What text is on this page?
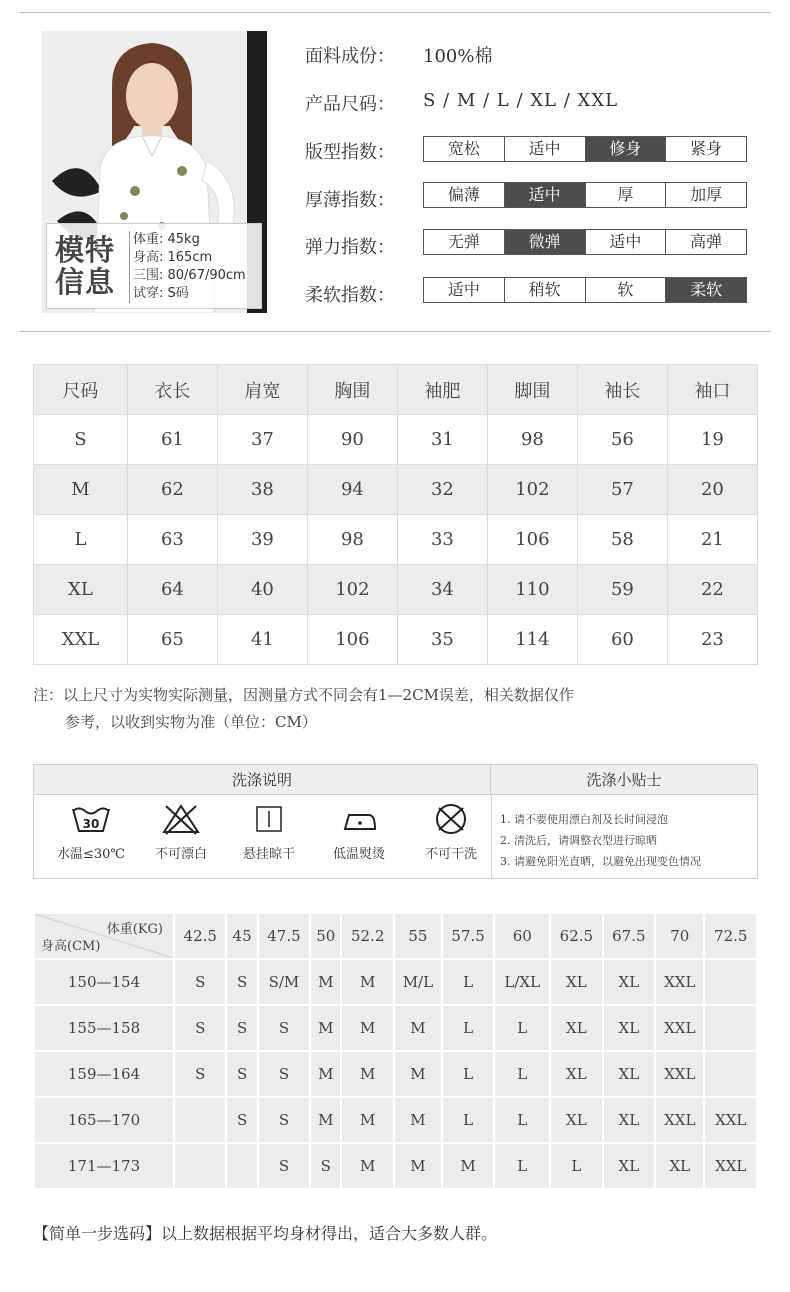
模特信息
体重: 45kg
身高: 165cm
三围: 80/67/90cm
试穿: S码
面料成份： 100%棉
产品尺码： S / M / L / XL / XXL
版型指数：	宽松	适中	修身	紧身
厚薄指数：	偏薄	适中	厚	加厚
弹力指数：	无弹	微弹	适中	高弹
柔软指数：	适中	稍软	软	柔软
尺码	衣长	肩宽	胸围	袖肥	脚围	袖长	袖口
S	61	37	90	31	98	56	19
M	62	38	94	32	102	57	20
L	63	39	98	33	106	58	21
XL	64	40	102	34	110	59	22
XXL	65	41	106	35	114	60	23
注：以上尺寸为实物实际测量，因测量方式不同会有1—2CM误差，相关数据仅作
参考，以收到实物为准（单位：CM）
洗涤说明	洗涤小贴士
30
水温≤30℃	不可漂白	悬挂晾干	低温熨烫	不可干洗
1. 请不要使用漂白剂及长时间浸泡
2. 清洗后，请调整衣型进行晾晒
3. 请避免阳光直晒，以避免出现变色情况
体重(KG)
身高(CM)	42.5	45	47.5	50	52.2	55	57.5	60	62.5	67.5	70	72.5
150—154	S	S	S/M	M	M	M/L	L	L/XL	XL	XL	XXL	
155—158	S	S	S	M	M	M	L	L	XL	XL	XXL	
159—164	S	S	S	M	M	M	L	L	XL	XL	XXL	
165—170		S	S	M	M	M	L	L	XL	XL	XXL	XXL
171—173			S	S	M	M	M	L	L	XL	XL	XXL
【简单一步选码】以上数据根据平均身材得出，适合大多数人群。
